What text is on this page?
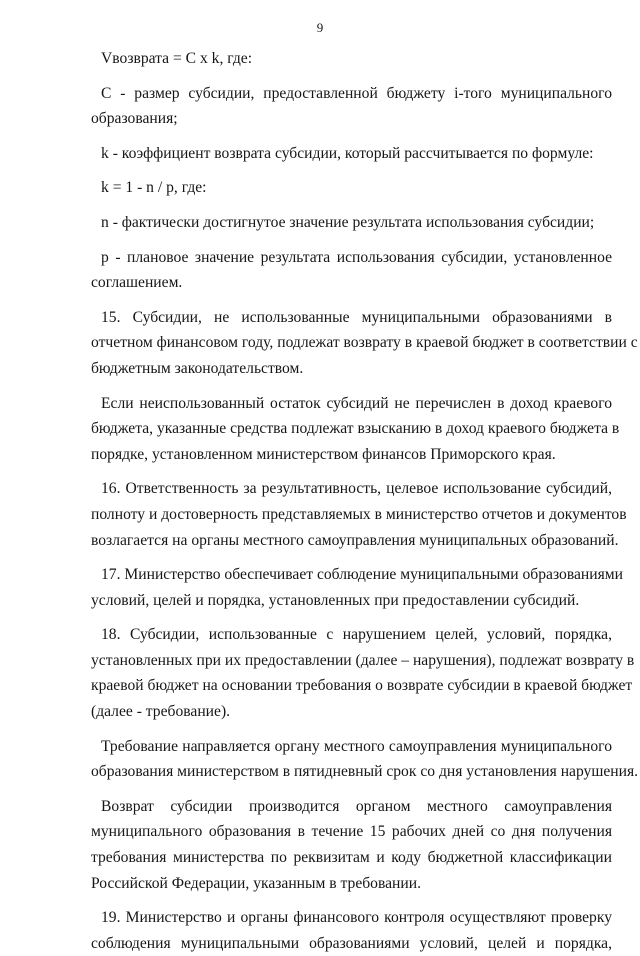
9
Vвозврата = С x k, где:
С - размер субсидии, предоставленной бюджету i-того муниципального
образования;
k - коэффициент возврата субсидии, который рассчитывается по формуле:
k = 1 - n / p, где:
n - фактически достигнутое значение результата использования субсидии;
р - плановое значение результата использования субсидии, установленное
соглашением.
15. Субсидии, не использованные муниципальными образованиями в
отчетном финансовом году, подлежат возврату в краевой бюджет в соответствии с
бюджетным законодательством.
Если неиспользованный остаток субсидий не перечислен в доход краевого
бюджета, указанные средства подлежат взысканию в доход краевого бюджета в
порядке, установленном министерством финансов Приморского края.
16. Ответственность за результативность, целевое использование субсидий,
полноту и достоверность представляемых в министерство отчетов и документов
возлагается на органы местного самоуправления муниципальных образований.
17. Министерство обеспечивает соблюдение муниципальными образованиями
условий, целей и порядка, установленных при предоставлении субсидий.
18. Субсидии, использованные с нарушением целей, условий, порядка,
установленных при их предоставлении (далее – нарушения), подлежат возврату в
краевой бюджет на основании требования о возврате субсидии в краевой бюджет
(далее - требование).
Требование направляется органу местного самоуправления муниципального
образования министерством в пятидневный срок со дня установления нарушения.
Возврат субсидии производится органом местного самоуправления
муниципального образования в течение 15 рабочих дней со дня получения
требования министерства по реквизитам и коду бюджетной классификации
Российской Федерации, указанным в требовании.
19. Министерство и органы финансового контроля осуществляют проверку
соблюдения муниципальными образованиями условий, целей и порядка,
